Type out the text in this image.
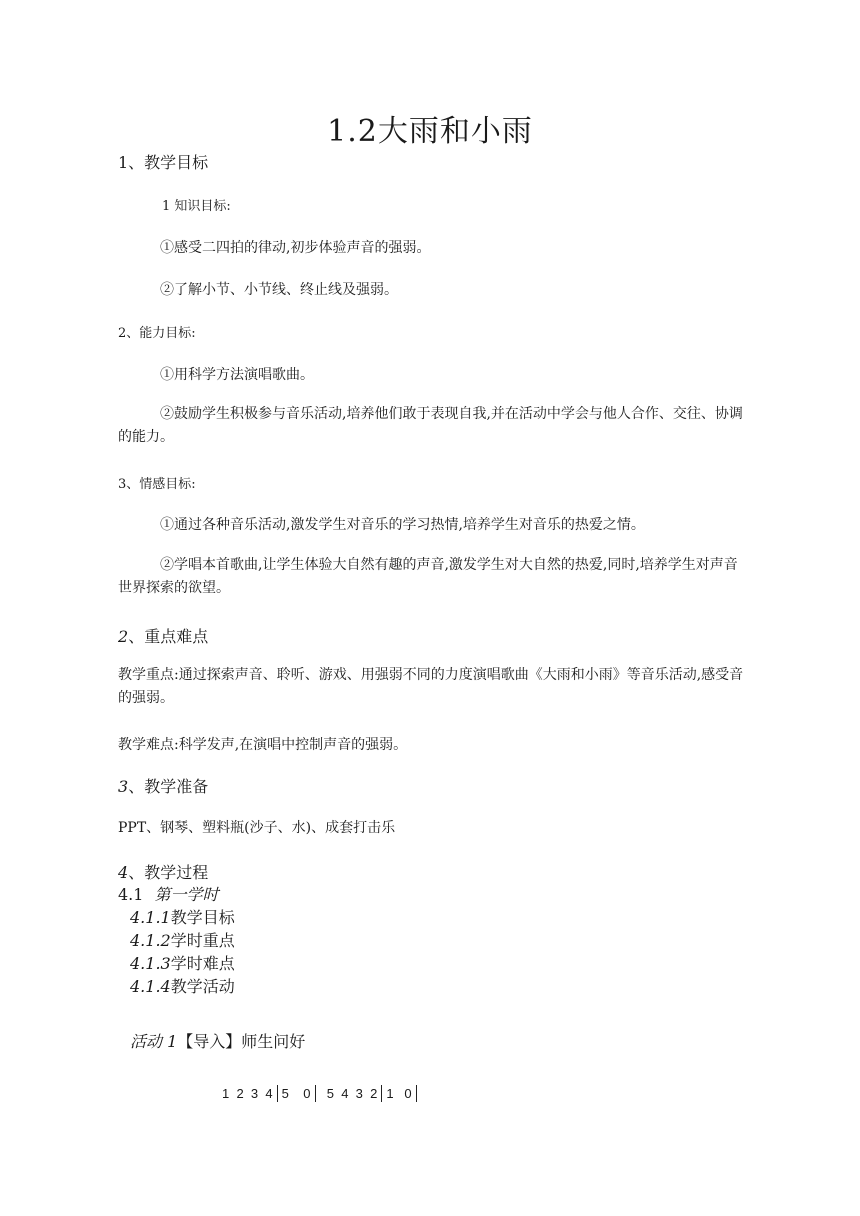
1.2大雨和小雨
1、教学目标
1 知识目标:
①感受二四拍的律动,初步体验声音的强弱。
②了解小节、小节线、终止线及强弱。
2、能力目标:
①用科学方法演唱歌曲。
②鼓励学生积极参与音乐活动,培养他们敢于表现自我,并在活动中学会与他人合作、交往、协调的能力。
3、情感目标:
①通过各种音乐活动,激发学生对音乐的学习热情,培养学生对音乐的热爱之情。
②学唱本首歌曲,让学生体验大自然有趣的声音,激发学生对大自然的热爱,同时,培养学生对声音世界探索的欲望。
2、重点难点
教学重点:通过探索声音、聆听、游戏、用强弱不同的力度演唱歌曲《大雨和小雨》等音乐活动,感受音的强弱。
教学难点:科学发声,在演唱中控制声音的强弱。
3、教学准备
PPT、钢琴、塑料瓶(沙子、水)、成套打击乐
4、教学过程
4.1 第一学时
4.1.1教学目标
4.1.2学时重点
4.1.3学时难点
4.1.4教学活动
活动 1【导入】师生问好
1  2  3  4 5    0 5  4  3  2 1   0
